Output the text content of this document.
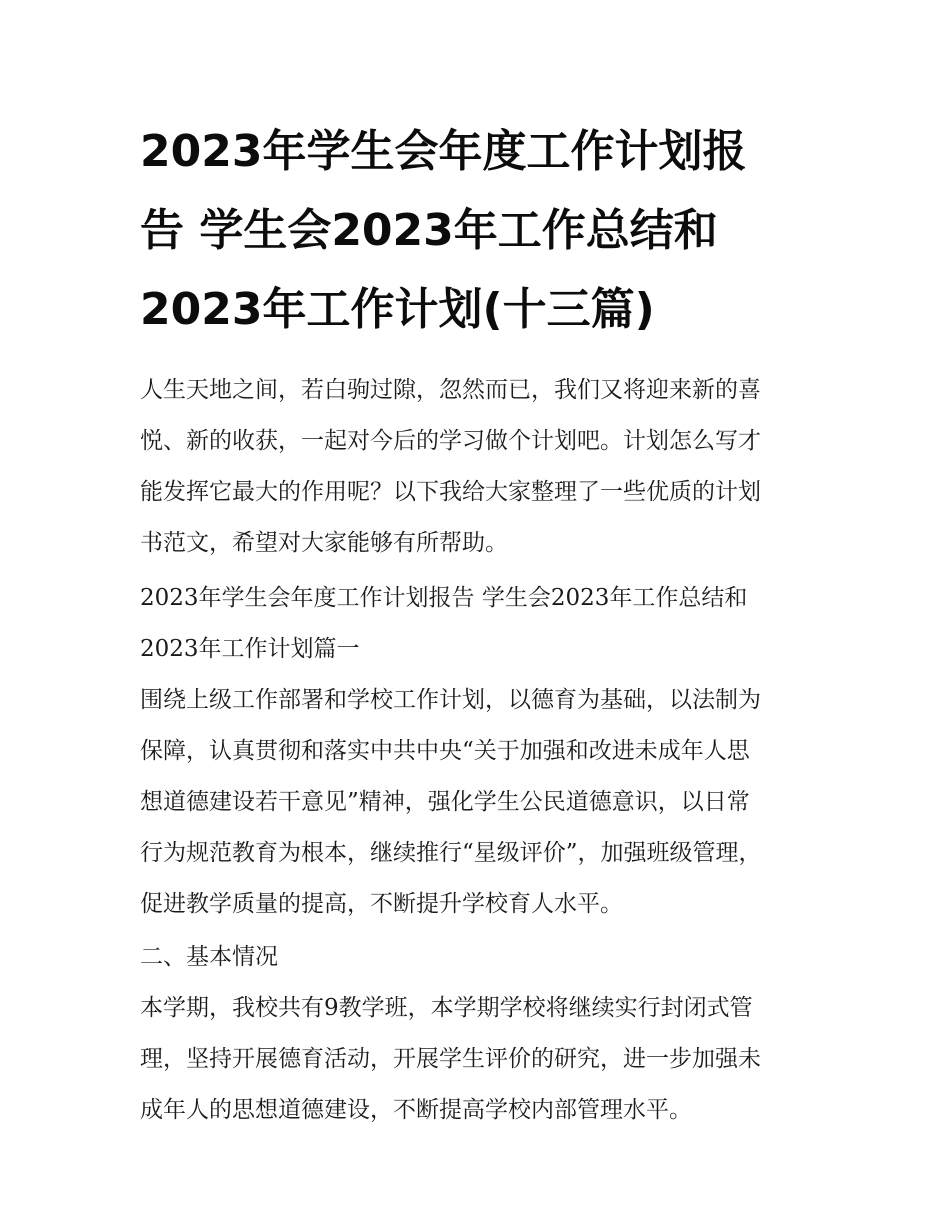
2023年学生会年度工作计划报
告 学生会2023年工作总结和
2023年工作计划(十三篇)

人生天地之间，若白驹过隙，忽然而已，我们又将迎来新的喜
悦、新的收获，一起对今后的学习做个计划吧。计划怎么写才
能发挥它最大的作用呢？以下我给大家整理了一些优质的计划
书范文，希望对大家能够有所帮助。

2023年学生会年度工作计划报告 学生会2023年工作总结和
2023年工作计划篇一

围绕上级工作部署和学校工作计划，以德育为基础，以法制为
保障，认真贯彻和落实中共中央“关于加强和改进未成年人思
想道德建设若干意见”精神，强化学生公民道德意识，以日常
行为规范教育为根本，继续推行“星级评价”，加强班级管理，
促进教学质量的提高，不断提升学校育人水平。

二、基本情况

本学期，我校共有9教学班，本学期学校将继续实行封闭式管
理，坚持开展德育活动，开展学生评价的研究，进一步加强未
成年人的思想道德建设，不断提高学校内部管理水平。
